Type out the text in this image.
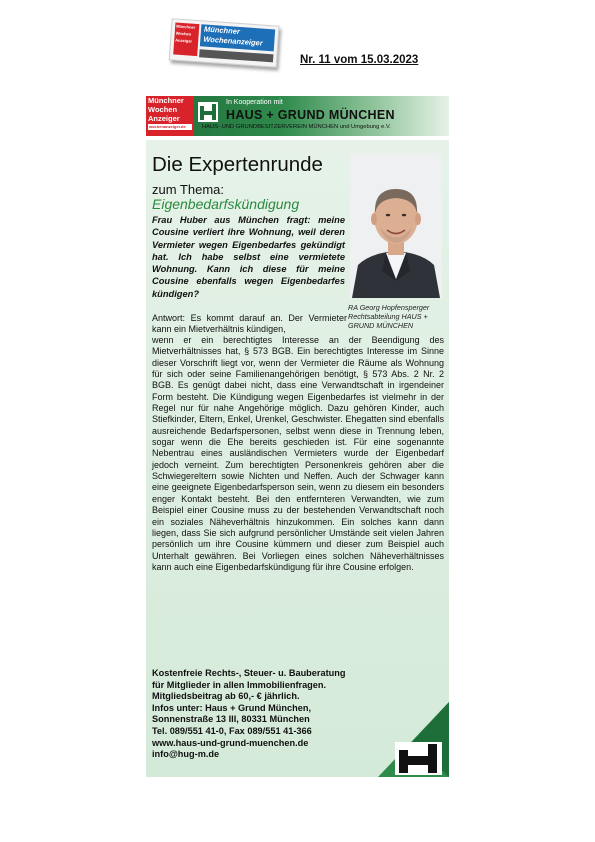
Münchner
Wochen
Anzeiger
Münchner
Wochenanzeiger
Nr. 11 vom 15.03.2023
Münchner
Wochen
Anzeiger
wochenanzeiger.de
In Kooperation mit
HAUS + GRUND MÜNCHEN
HAUS- UND GRUNDBESITZERVEREIN MÜNCHEN und Umgebung e.V.
Die Expertenrunde
zum Thema:
Eigenbedarfskündigung
Frau Huber aus München fragt: meine Cousine verliert ihre Wohnung, weil deren Vermieter wegen Eigenbedarfes gekündigt hat. Ich habe selbst eine vermietete Wohnung. Kann ich diese für meine Cousine ebenfalls wegen Eigenbedarfes kündigen?
RA Georg Hopfensperger Rechtsabteilung HAUS + GRUND MÜNCHEN
Antwort: Es kommt darauf an. Der Vermieter kann ein Mietverhältnis kündigen,
wenn er ein berechtigtes Interesse an der Beendigung des Mietverhältnisses hat, § 573 BGB. Ein berechtigtes Interesse im Sinne dieser Vorschrift liegt vor, wenn der Vermieter die Räume als Wohnung für sich oder seine Familienangehörigen benötigt, § 573 Abs. 2 Nr. 2 BGB. Es genügt dabei nicht, dass eine Verwandtschaft in irgendeiner Form besteht. Die Kündigung wegen Eigenbedarfes ist vielmehr in der Regel nur für nahe Angehörige möglich. Dazu gehören Kinder, auch Stiefkinder, Eltern, Enkel, Urenkel, Geschwister. Ehegatten sind ebenfalls ausreichende Bedarfspersonen, selbst wenn diese in Trennung leben, sogar wenn die Ehe bereits geschieden ist. Für eine sogenannte Nebentrau eines ausländischen Vermieters wurde der Eigenbedarf jedoch verneint. Zum berechtigten Personenkreis gehören aber die Schwiegereltern sowie Nichten und Neffen. Auch der Schwager kann eine geeignete Eigenbedarfsperson sein, wenn zu diesem ein besonders enger Kontakt besteht. Bei den entfernteren Verwandten, wie zum Beispiel einer Cousine muss zu der bestehenden Verwandtschaft noch ein soziales Näheverhältnis hinzukommen. Ein solches kann dann liegen, dass Sie sich aufgrund persönlicher Umstände seit vielen Jahren persönlich um ihre Cousine kümmern und dieser zum Beispiel auch Unterhalt gewähren. Bei Vorliegen eines solchen Näheverhältnisses kann auch eine Eigenbedarfskündigung für ihre Cousine erfolgen.
Kostenfreie Rechts-, Steuer- u. Bauberatung
für Mitglieder in allen Immobilienfragen.
Mitgliedsbeitrag ab 60,- € jährlich.
Infos unter: Haus + Grund München,
Sonnenstraße 13 III, 80331 München
Tel. 089/551 41-0, Fax 089/551 41-366
www.haus-und-grund-muenchen.de
info@hug-m.de
